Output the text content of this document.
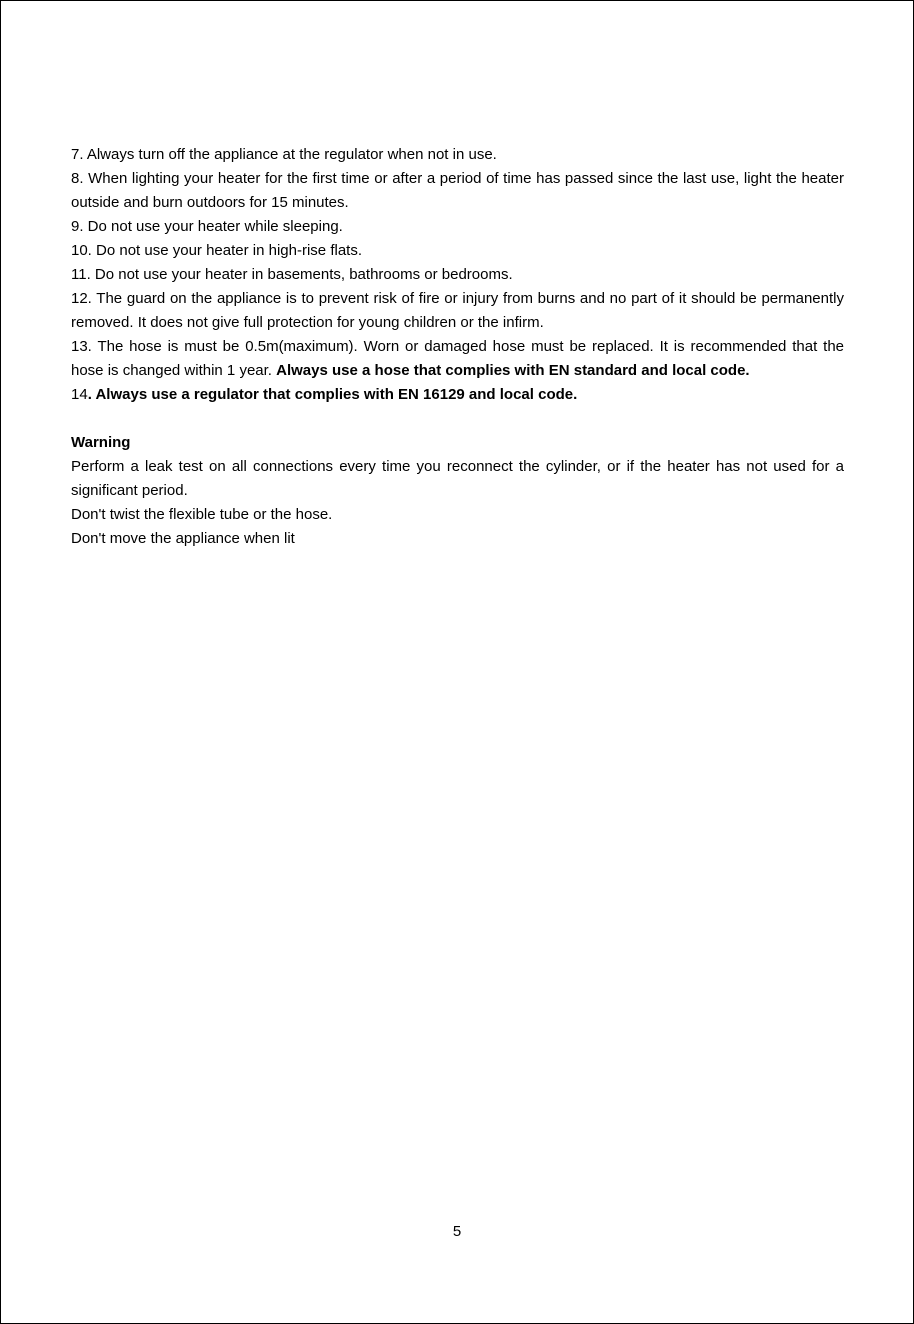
7. Always turn off the appliance at the regulator when not in use.

8. When lighting your heater for the first time or after a period of time has passed since the last use, light the heater outside and burn outdoors for 15 minutes.

9. Do not use your heater while sleeping.

10. Do not use your heater in high-rise flats.

11. Do not use your heater in basements, bathrooms or bedrooms.

12. The guard on the appliance is to prevent risk of fire or injury from burns and no part of it should be permanently removed. It does not give full protection for young children or the infirm.

13. The hose is must be 0.5m(maximum). Worn or damaged hose must be replaced. It is recommended that the hose is changed within 1 year. Always use a hose that complies with EN standard and local code.

14. Always use a regulator that complies with EN 16129 and local code.

Warning

Perform a leak test on all connections every time you reconnect the cylinder, or if the heater has not used for a significant period.

Don't twist the flexible tube or the hose.

Don't move the appliance when lit

5
